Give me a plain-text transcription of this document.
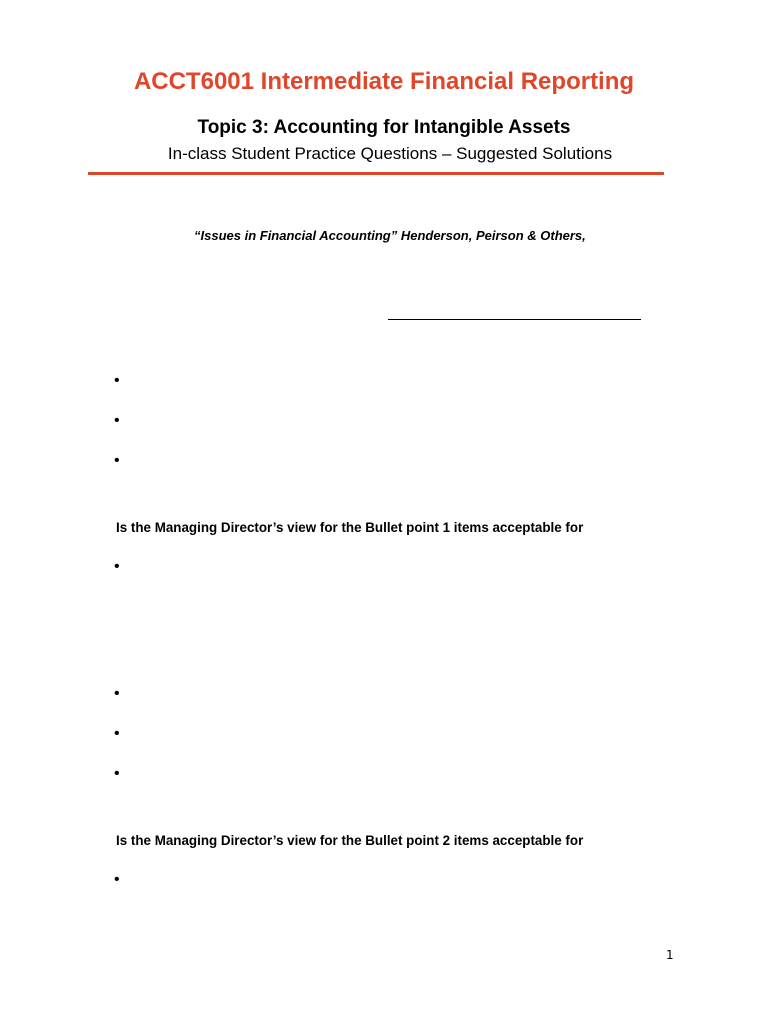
ACCT6001 Intermediate Financial Reporting
Topic 3: Accounting for Intangible Assets
In-class Student Practice Questions – Suggested Solutions
“Issues in Financial Accounting” Henderson, Peirson & Others,
•
•
•
Is the Managing Director’s view for the Bullet point 1 items acceptable for
•
•
•
•
Is the Managing Director’s view for the Bullet point 2 items acceptable for
•
1
